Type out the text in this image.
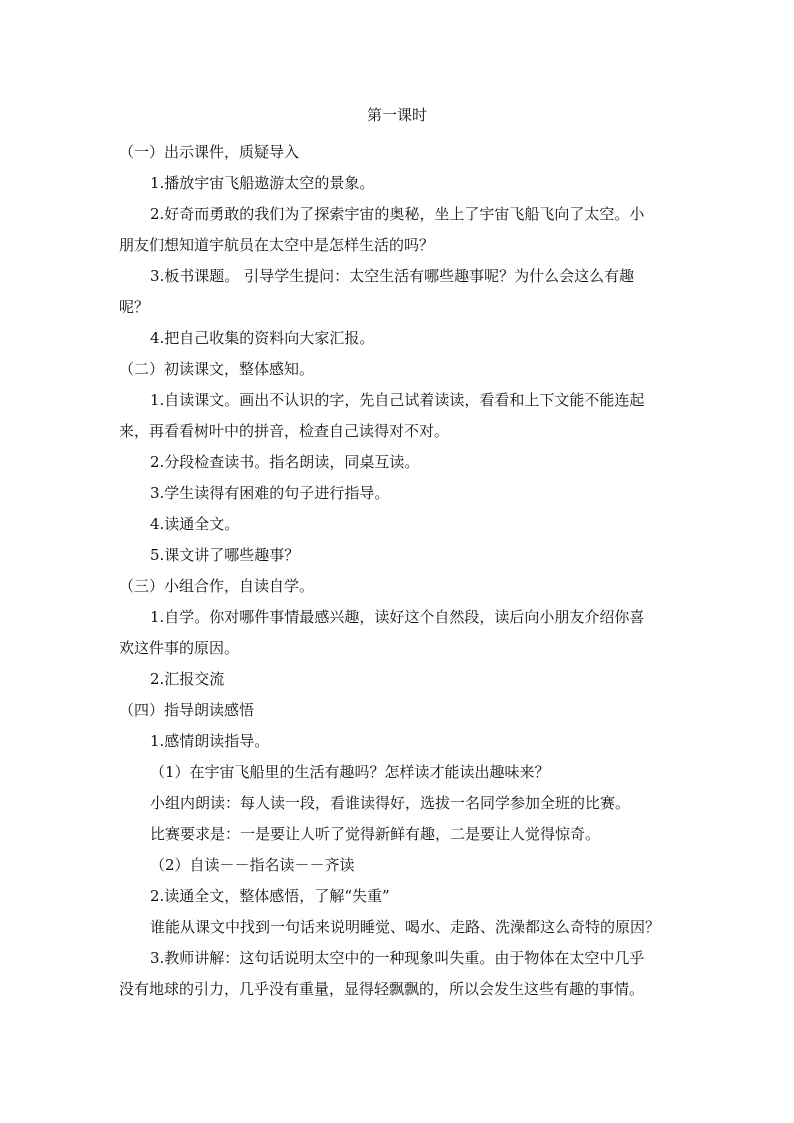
第一课时
（一）出示课件，质疑导入
1.播放宇宙飞船遨游太空的景象。
2.好奇而勇敢的我们为了探索宇宙的奥秘，坐上了宇宙飞船飞向了太空。小
朋友们想知道宇航员在太空中是怎样生活的吗？
3.板书课题。 引导学生提问：太空生活有哪些趣事呢？为什么会这么有趣
呢？
4.把自己收集的资料向大家汇报。
（二）初读课文，整体感知。
1.自读课文。画出不认识的字，先自己试着读读，看看和上下文能不能连起
来，再看看树叶中的拼音，检查自己读得对不对。
2.分段检查读书。指名朗读，同桌互读。
3.学生读得有困难的句子进行指导。
4.读通全文。
5.课文讲了哪些趣事？
（三）小组合作，自读自学。
1.自学。你对哪件事情最感兴趣，读好这个自然段，读后向小朋友介绍你喜
欢这件事的原因。
2.汇报交流
（四）指导朗读感悟
1.感情朗读指导。
（1）在宇宙飞船里的生活有趣吗？怎样读才能读出趣味来？
小组内朗读：每人读一段，看谁读得好，选拔一名同学参加全班的比赛。
比赛要求是：一是要让人听了觉得新鲜有趣，二是要让人觉得惊奇。
（2）自读－－指名读－－齐读
2.读通全文，整体感悟，了解“失重”
谁能从课文中找到一句话来说明睡觉、喝水、走路、洗澡都这么奇特的原因？
3.教师讲解：这句话说明太空中的一种现象叫失重。由于物体在太空中几乎
没有地球的引力，几乎没有重量，显得轻飘飘的，所以会发生这些有趣的事情。
